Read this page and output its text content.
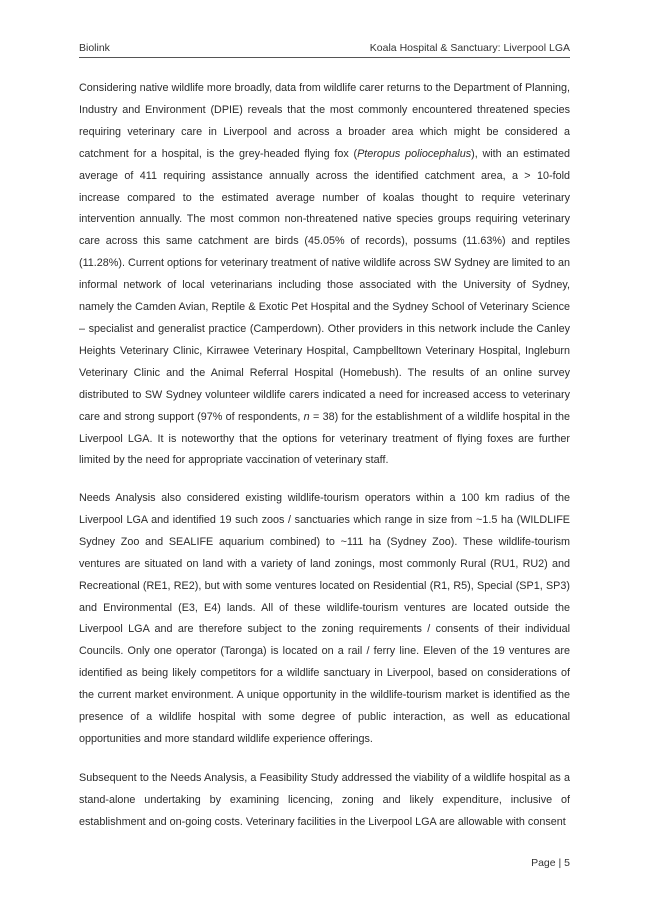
Biolink	Koala Hospital & Sanctuary: Liverpool LGA

Considering native wildlife more broadly, data from wildlife carer returns to the Department of Planning, Industry and Environment (DPIE) reveals that the most commonly encountered threatened species requiring veterinary care in Liverpool and across a broader area which might be considered a catchment for a hospital, is the grey-headed flying fox (Pteropus poliocephalus), with an estimated average of 411 requiring assistance annually across the identified catchment area, a > 10-fold increase compared to the estimated average number of koalas thought to require veterinary intervention annually. The most common non-threatened native species groups requiring veterinary care across this same catchment are birds (45.05% of records), possums (11.63%) and reptiles (11.28%). Current options for veterinary treatment of native wildlife across SW Sydney are limited to an informal network of local veterinarians including those associated with the University of Sydney, namely the Camden Avian, Reptile & Exotic Pet Hospital and the Sydney School of Veterinary Science – specialist and generalist practice (Camperdown). Other providers in this network include the Canley Heights Veterinary Clinic, Kirrawee Veterinary Hospital, Campbelltown Veterinary Hospital, Ingleburn Veterinary Clinic and the Animal Referral Hospital (Homebush). The results of an online survey distributed to SW Sydney volunteer wildlife carers indicated a need for increased access to veterinary care and strong support (97% of respondents, n = 38) for the establishment of a wildlife hospital in the Liverpool LGA. It is noteworthy that the options for veterinary treatment of flying foxes are further limited by the need for appropriate vaccination of veterinary staff.

Needs Analysis also considered existing wildlife-tourism operators within a 100 km radius of the Liverpool LGA and identified 19 such zoos / sanctuaries which range in size from ~1.5 ha (WILDLIFE Sydney Zoo and SEALIFE aquarium combined) to ~111 ha (Sydney Zoo). These wildlife-tourism ventures are situated on land with a variety of land zonings, most commonly Rural (RU1, RU2) and Recreational (RE1, RE2), but with some ventures located on Residential (R1, R5), Special (SP1, SP3) and Environmental (E3, E4) lands. All of these wildlife-tourism ventures are located outside the Liverpool LGA and are therefore subject to the zoning requirements / consents of their individual Councils. Only one operator (Taronga) is located on a rail / ferry line. Eleven of the 19 ventures are identified as being likely competitors for a wildlife sanctuary in Liverpool, based on considerations of the current market environment. A unique opportunity in the wildlife-tourism market is identified as the presence of a wildlife hospital with some degree of public interaction, as well as educational opportunities and more standard wildlife experience offerings.

Subsequent to the Needs Analysis, a Feasibility Study addressed the viability of a wildlife hospital as a stand-alone undertaking by examining licencing, zoning and likely expenditure, inclusive of establishment and on-going costs. Veterinary facilities in the Liverpool LGA are allowable with consent

Page | 5
